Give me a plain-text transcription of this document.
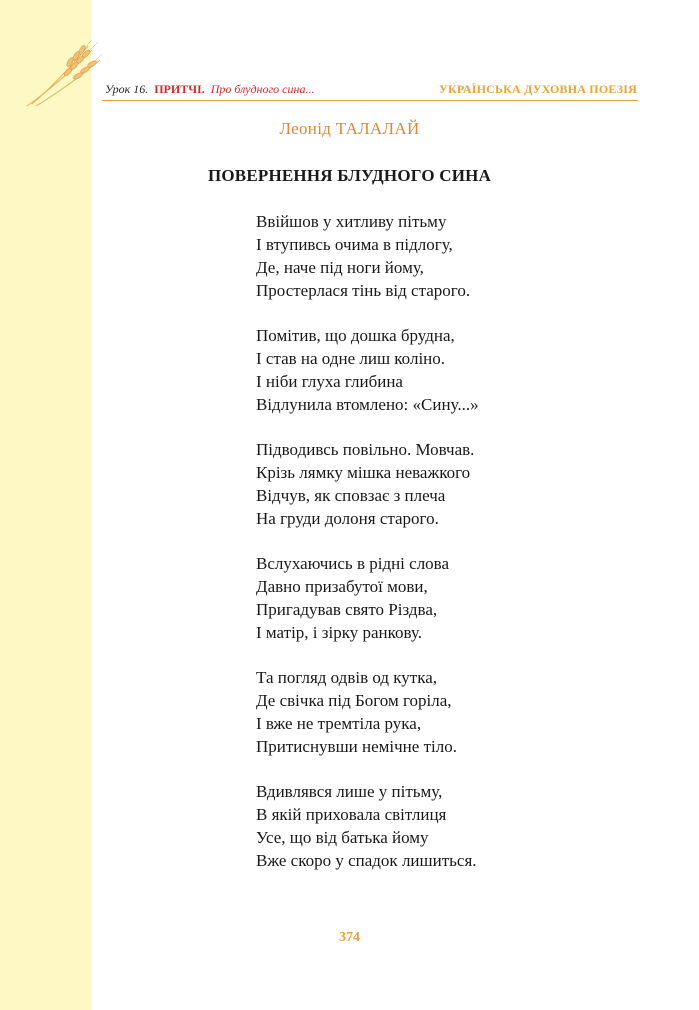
Урок 16. ПРИТЧІ. Про блудного сина...	УКРАЇНСЬКА ДУХОВНА ПОЕЗІЯ
Леонід ТАЛАЛАЙ
ПОВЕРНЕННЯ БЛУДНОГО СИНА
Ввійшов у хитливу пітьму
І втупивсь очима в підлогу,
Де, наче під ноги йому,
Простерлася тінь від старого.
Помітив, що дошка брудна,
І став на одне лиш коліно.
І ніби глуха глибина
Відлунила втомлено: «Сину...»
Підводивсь повільно. Мовчав.
Крізь лямку мішка неважкого
Відчув, як сповзає з плеча
На груди долоня старого.
Вслухаючись в рідні слова
Давно призабутої мови,
Пригадував свято Різдва,
І матір, і зірку ранкову.
Та погляд одвів од кутка,
Де свічка під Богом горіла,
І вже не тремтіла рука,
Притиснувши немічне тіло.
Вдивлявся лише у пітьму,
В якій приховала світлиця
Усе, що від батька йому
Вже скоро у спадок лишиться.
374
